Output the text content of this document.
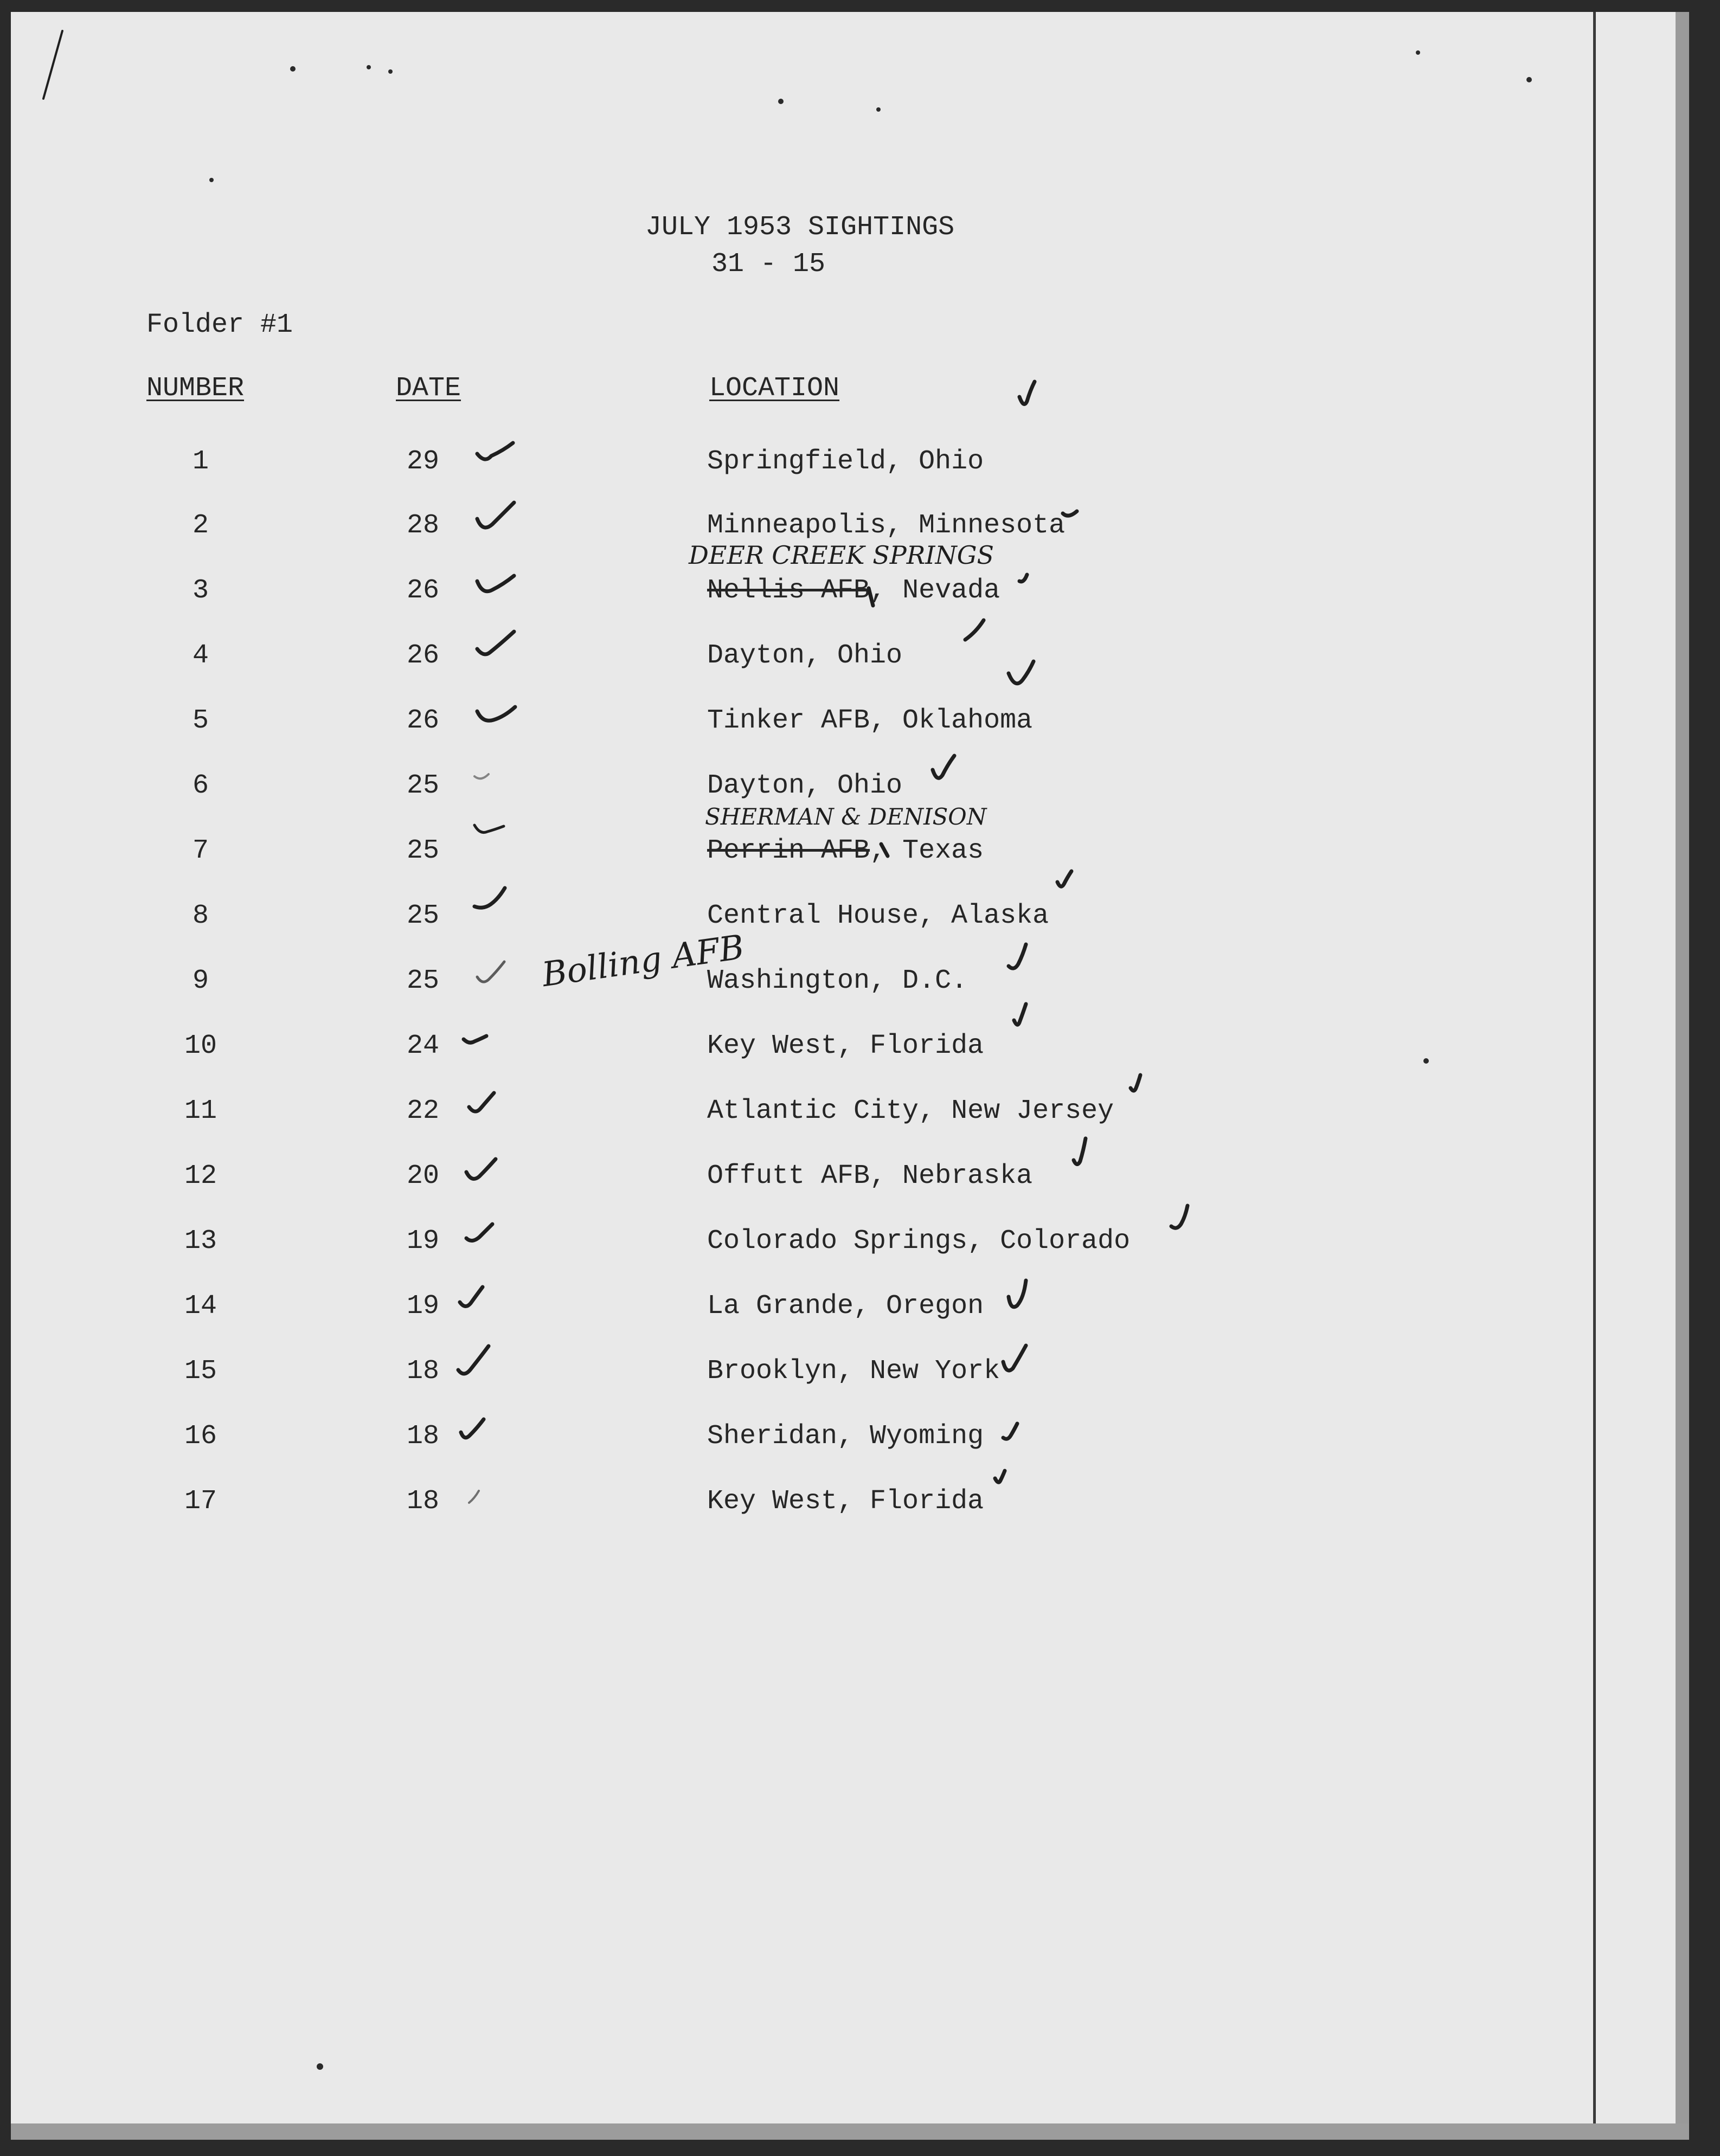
JULY 1953 SIGHTINGS
31 - 15
Folder #1
NUMBER	DATE	LOCATION
1	29	Springfield, Ohio
2	28	Minneapolis, Minnesota
3	26	Nellis AFB, Nevada
DEER CREEK SPRINGS
4	26	Dayton, Ohio
5	26	Tinker AFB, Oklahoma
6	25	Dayton, Ohio
7	25	Perrin AFB, Texas
SHERMAN & DENISON
8	25	Central House, Alaska
9	25	Washington, D.C.
Bolling AFB
10	24	Key West, Florida
11	22	Atlantic City, New Jersey
12	20	Offutt AFB, Nebraska
13	19	Colorado Springs, Colorado
14	19	La Grande, Oregon
15	18	Brooklyn, New York
16	18	Sheridan, Wyoming
17	18	Key West, Florida
